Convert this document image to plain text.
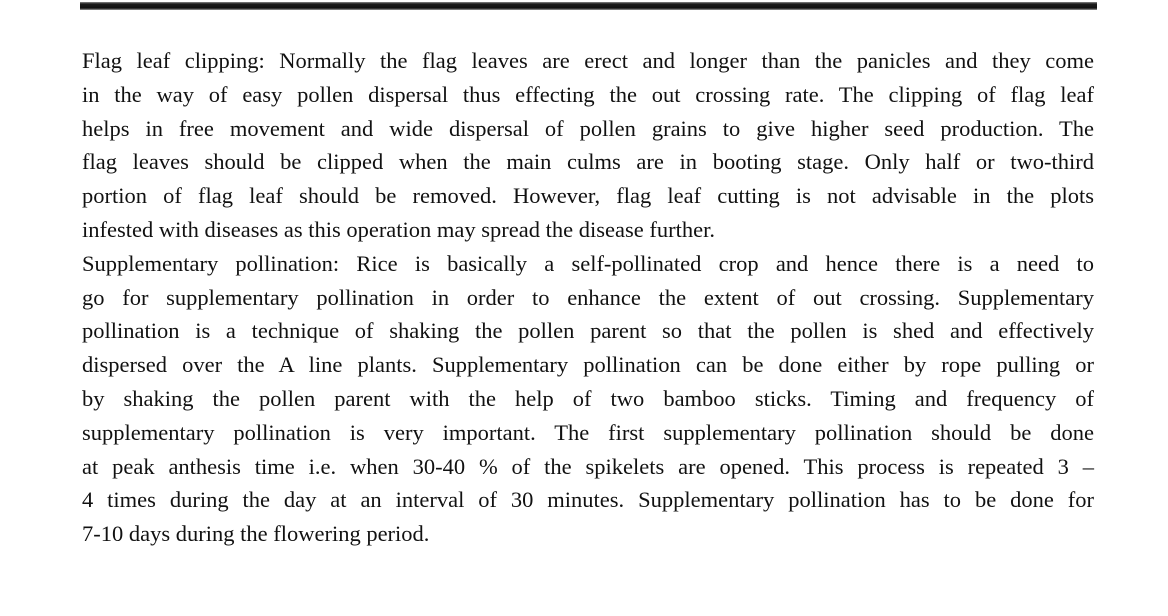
Flag leaf clipping: Normally the flag leaves are erect and longer than the panicles and they come
in the way of easy pollen dispersal thus effecting the out crossing rate. The clipping of flag leaf
helps in free movement and wide dispersal of pollen grains to give higher seed production. The
flag leaves should be clipped when the main culms are in booting stage. Only half or two-third
portion of flag leaf should be removed. However, flag leaf cutting is not advisable in the plots
infested with diseases as this operation may spread the disease further.

Supplementary pollination: Rice is basically a self-pollinated crop and hence there is a need to
go for supplementary pollination in order to enhance the extent of out crossing. Supplementary
pollination is a technique of shaking the pollen parent so that the pollen is shed and effectively
dispersed over the A line plants. Supplementary pollination can be done either by rope pulling or
by shaking the pollen parent with the help of two bamboo sticks. Timing and frequency of
supplementary pollination is very important. The first supplementary pollination should be done
at peak anthesis time i.e. when 30-40 % of the spikelets are opened. This process is repeated 3 –
4 times during the day at an interval of 30 minutes. Supplementary pollination has to be done for
7-10 days during the flowering period.
